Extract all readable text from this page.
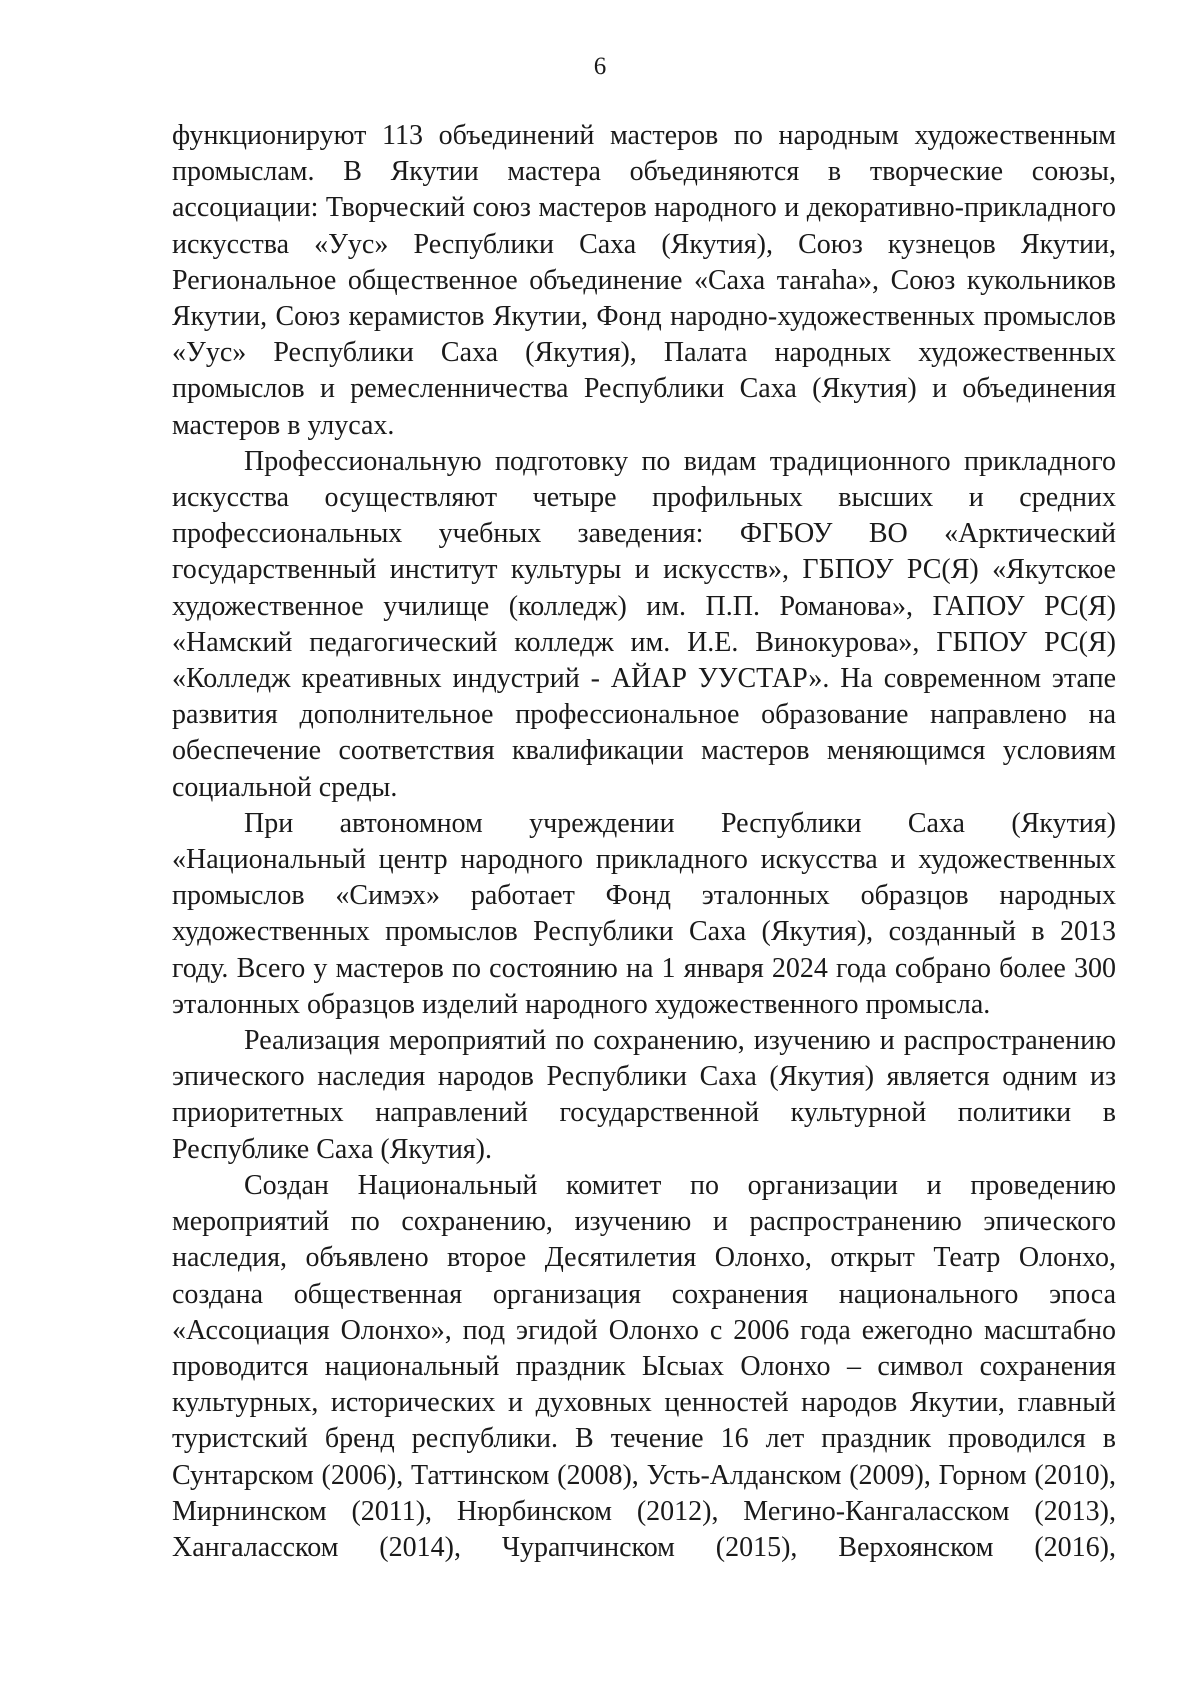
6

функционируют 113 объединений мастеров по народным художественным промыслам. В Якутии мастера объединяются в творческие союзы, ассоциации: Творческий союз мастеров народного и декоративно-прикладного искусства «Уус» Республики Саха (Якутия), Союз кузнецов Якутии, Региональное общественное объединение «Саха таҥаһа», Союз кукольников Якутии, Союз керамистов Якутии, Фонд народно-художественных промыслов «Уус» Республики Саха (Якутия), Палата народных художественных промыслов и ремесленничества Республики Саха (Якутия) и объединения мастеров в улусах.

Профессиональную подготовку по видам традиционного прикладного искусства осуществляют четыре профильных высших и средних профессиональных учебных заведения: ФГБОУ ВО «Арктический государственный институт культуры и искусств», ГБПОУ РС(Я) «Якутское художественное училище (колледж) им. П.П. Романова», ГАПОУ РС(Я) «Намский педагогический колледж им. И.Е. Винокурова», ГБПОУ РС(Я) «Колледж креативных индустрий - АЙАР УУСТАР». На современном этапе развития дополнительное профессиональное образование направлено на обеспечение соответствия квалификации мастеров меняющимся условиям социальной среды.

При автономном учреждении Республики Саха (Якутия) «Национальный центр народного прикладного искусства и художественных промыслов «Симэх» работает Фонд эталонных образцов народных художественных промыслов Республики Саха (Якутия), созданный в 2013 году. Всего у мастеров по состоянию на 1 января 2024 года собрано более 300 эталонных образцов изделий народного художественного промысла.

Реализация мероприятий по сохранению, изучению и распространению эпического наследия народов Республики Саха (Якутия) является одним из приоритетных направлений государственной культурной политики в Республике Саха (Якутия).

Создан Национальный комитет по организации и проведению мероприятий по сохранению, изучению и распространению эпического наследия, объявлено второе Десятилетия Олонхо, открыт Театр Олонхо, создана общественная организация сохранения национального эпоса «Ассоциация Олонхо», под эгидой Олонхо с 2006 года ежегодно масштабно проводится национальный праздник Ысыах Олонхо – символ сохранения культурных, исторических и духовных ценностей народов Якутии, главный туристский бренд республики. В течение 16 лет праздник проводился в Сунтарском (2006), Таттинском (2008), Усть-Алданском (2009), Горном (2010), Мирнинском (2011), Нюрбинском (2012), Мегино-Кангаласском (2013), Хангаласском (2014), Чурапчинском (2015), Верхоянском (2016),
